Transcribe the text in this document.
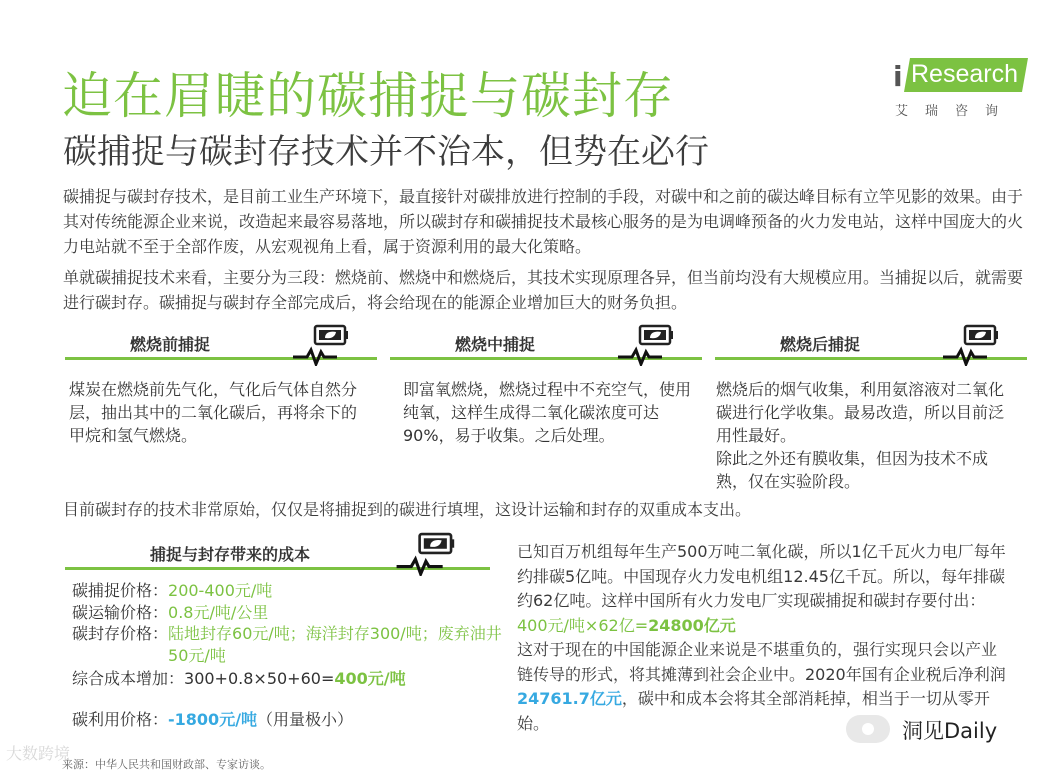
迫在眉睫的碳捕捉与碳封存
碳捕捉与碳封存技术并不治本，但势在必行
i Research
艾瑞咨询

碳捕捉与碳封存技术，是目前工业生产环境下，最直接针对碳排放进行控制的手段，对碳中和之前的碳达峰目标有立竿见影的效果。由于其对传统能源企业来说，改造起来最容易落地，所以碳封存和碳捕捉技术最核心服务的是为电调峰预备的火力发电站，这样中国庞大的火力电站就不至于全部作废，从宏观视角上看，属于资源利用的最大化策略。

单就碳捕捉技术来看，主要分为三段：燃烧前、燃烧中和燃烧后，其技术实现原理各异，但当前均没有大规模应用。当捕捉以后，就需要进行碳封存。碳捕捉与碳封存全部完成后，将会给现在的能源企业增加巨大的财务负担。

燃烧前捕捉	燃烧中捕捉	燃烧后捕捉

煤炭在燃烧前先气化，气化后气体自然分层，抽出其中的二氧化碳后，再将余下的甲烷和氢气燃烧。

即富氧燃烧，燃烧过程中不充空气，使用纯氧，这样生成得二氧化碳浓度可达90%，易于收集。之后处理。

燃烧后的烟气收集，利用氨溶液对二氧化碳进行化学收集。最易改造，所以目前泛用性最好。

除此之外还有膜收集，但因为技术不成熟，仅在实验阶段。

目前碳封存的技术非常原始，仅仅是将捕捉到的碳进行填埋，这设计运输和封存的双重成本支出。

捕捉与封存带来的成本
碳捕捉价格： 200-400元/吨
碳运输价格： 0.8元/吨/公里
碳封存价格： 陆地封存60元/吨；海洋封存300/吨；废弃油井50元/吨
综合成本增加： 300+0.8×50+60= 400元/吨
碳利用价格： -1800元/吨 （用量极小）

已知百万机组每年生产500万吨二氧化碳，所以1亿千瓦火力电厂每年约排碳5亿吨。中国现存火力发电机组12.45亿千瓦。所以，每年排碳约62亿吨。这样中国所有火力发电厂实现碳捕捉和碳封存要付出：400元/吨×62亿=24800亿元

这对于现在的中国能源企业来说是不堪重负的，强行实现只会以产业链传导的形式，将其摊薄到社会企业中。2020年国有企业税后净利润24761.7亿元，碳中和成本会将其全部消耗掉，相当于一切从零开始。

来源：中华人民共和国财政部、专家访谈。
大数跨境
洞见Daily
